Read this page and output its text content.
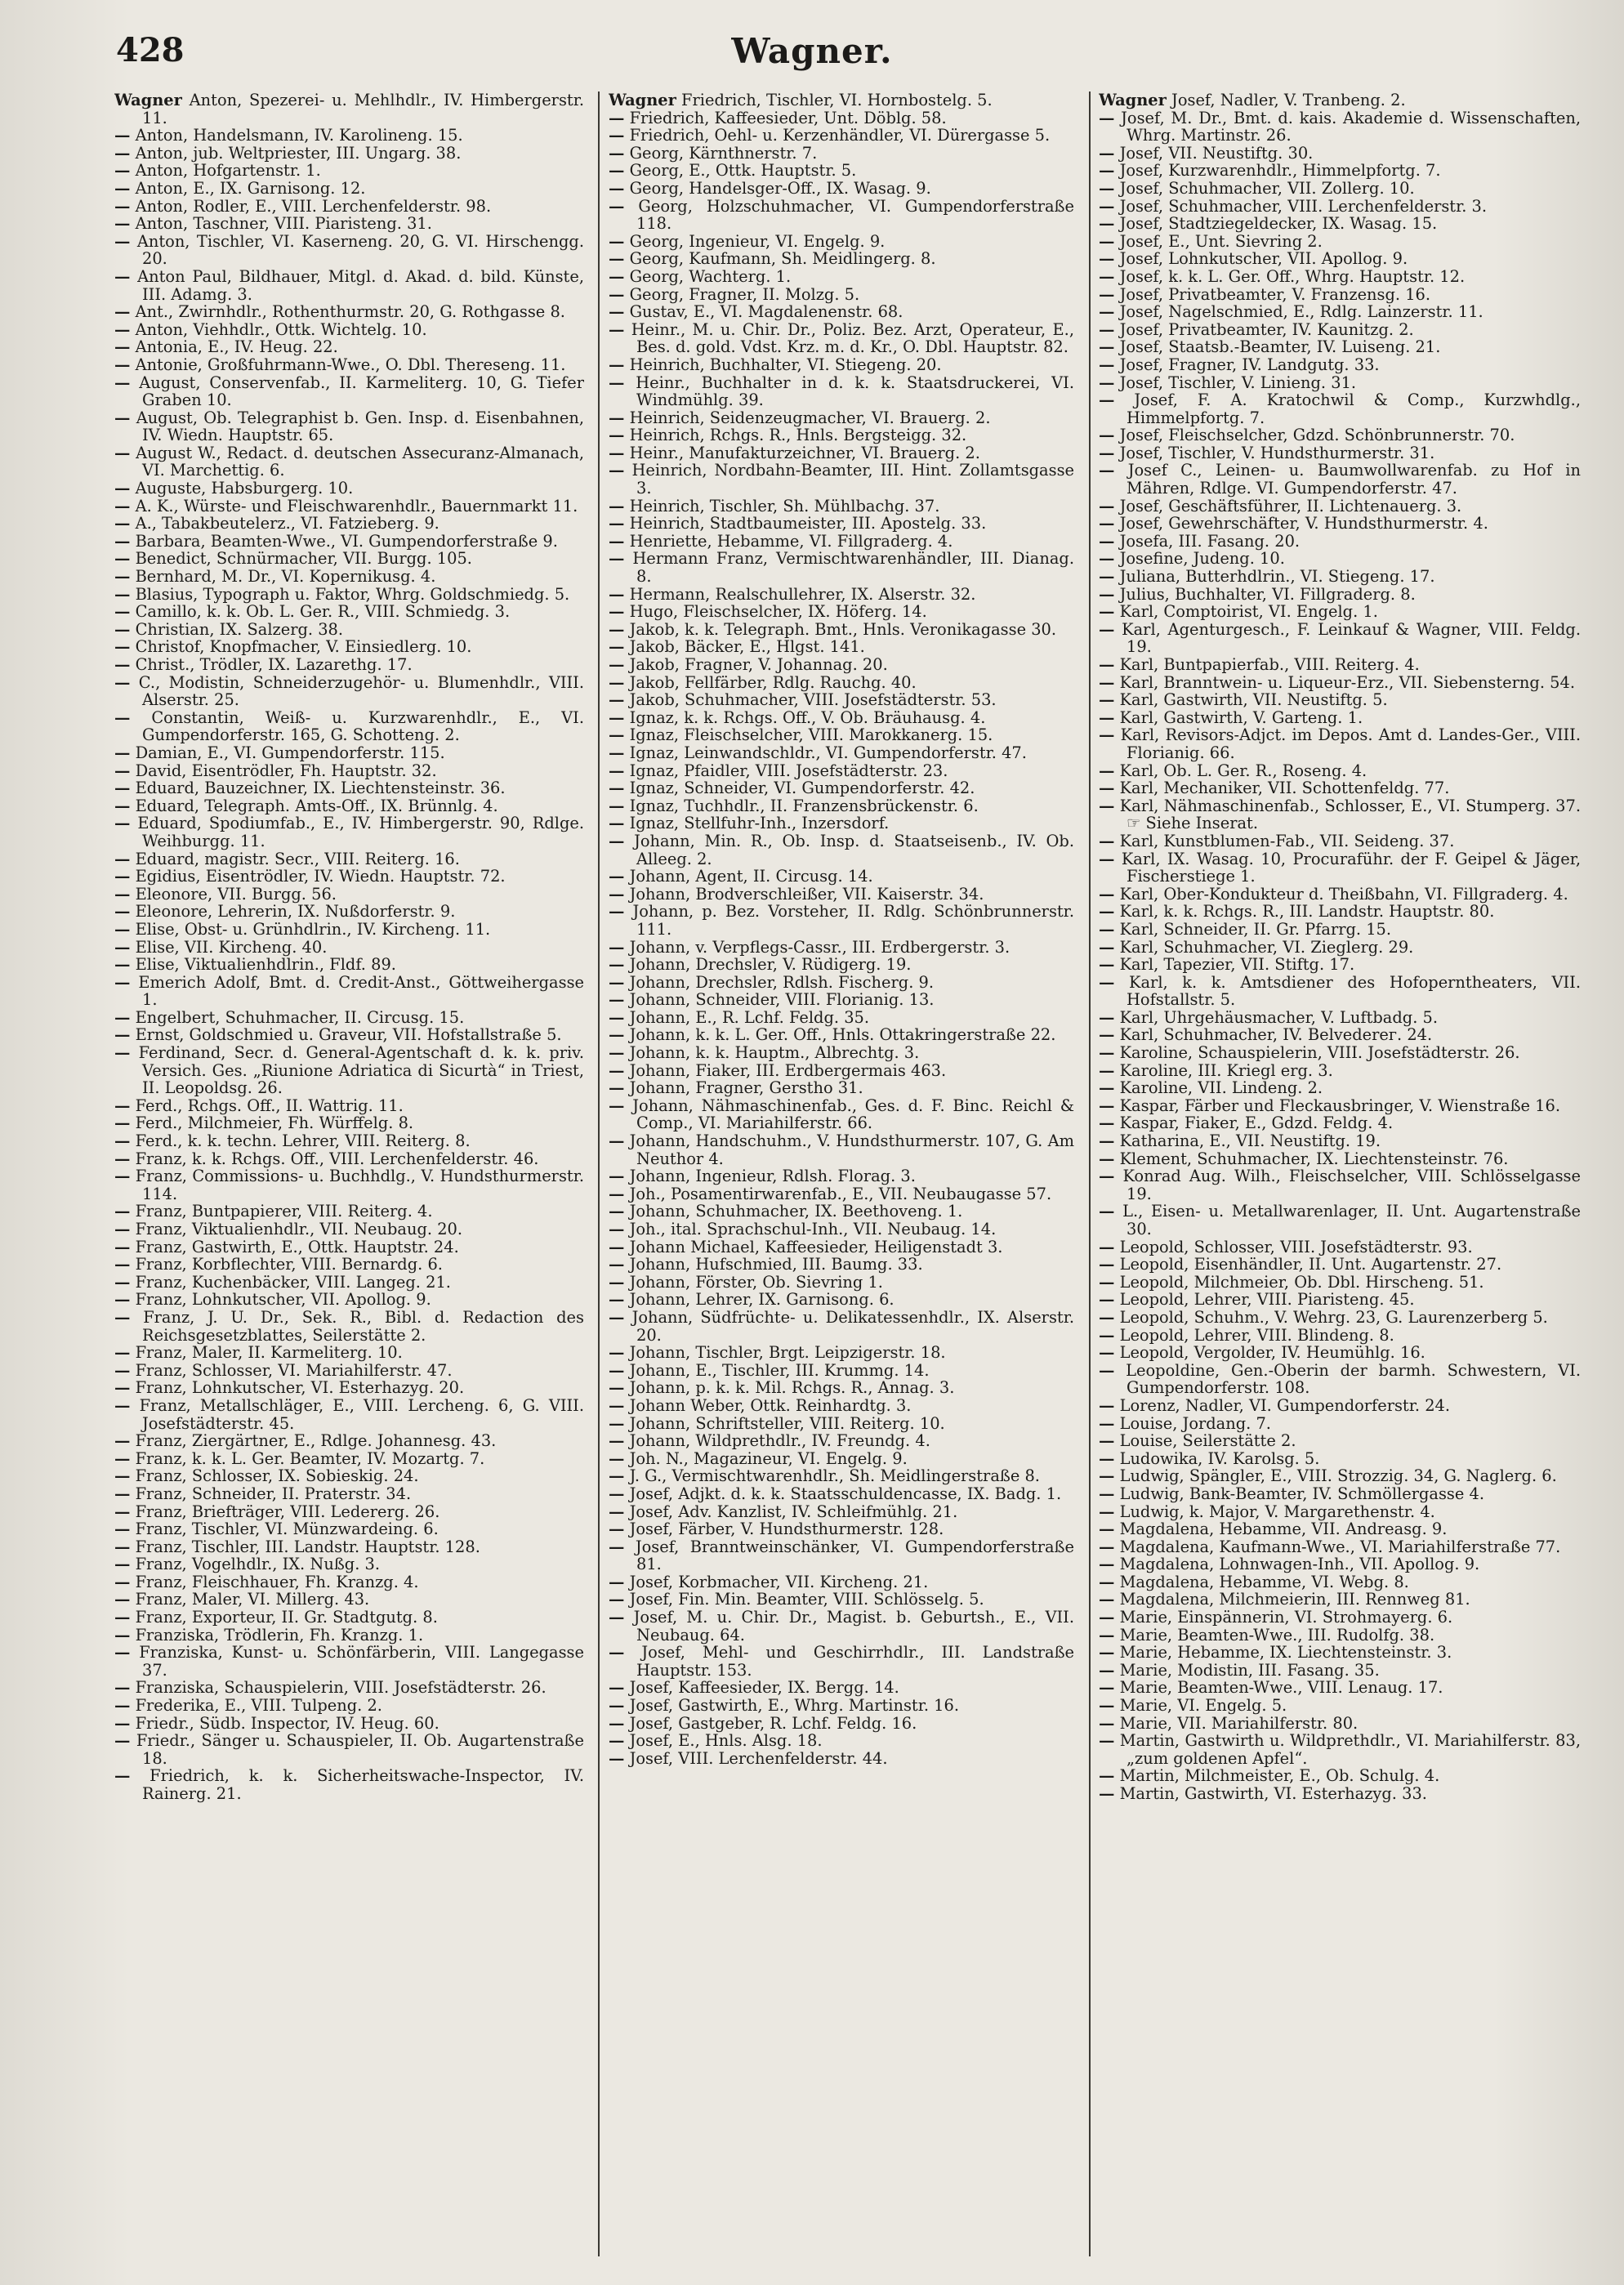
428	Wagner.

Wagner Anton, Spezerei- u. Mehlhdlr., IV. Himbergerstr. 11.

— Anton, Handelsmann, IV. Karolineng. 15.

— Anton, jub. Weltpriester, III. Ungarg. 38.

— Anton, Hofgartenstr. 1.

— Anton, E., IX. Garnisong. 12.

— Anton, Rodler, E., VIII. Lerchenfelderstr. 98.

— Anton, Taschner, VIII. Piaristeng. 31.

— Anton, Tischler, VI. Kaserneng. 20, G. VI. Hirschengg. 20.

— Anton Paul, Bildhauer, Mitgl. d. Akad. d. bild. Künste, III. Adamg. 3.

— Ant., Zwirnhdlr., Rothenthurmstr. 20, G. Rothgasse 8.

— Anton, Viehhdlr., Ottk. Wichtelg. 10.

— Antonia, E., IV. Heug. 22.

— Antonie, Großfuhrmann-Wwe., O. Dbl. Thereseng. 11.

— August, Conservenfab., II. Karmeliterg. 10, G. Tiefer Graben 10.

— August, Ob. Telegraphist b. Gen. Insp. d. Eisenbahnen, IV. Wiedn. Hauptstr. 65.

— August W., Redact. d. deutschen Assecuranz-Almanach, VI. Marchettig. 6.

— Auguste, Habsburgerg. 10.

— A. K., Würste- und Fleischwarenhdlr., Bauernmarkt 11.

— A., Tabakbeutelerz., VI. Fatzieberg. 9.

— Barbara, Beamten-Wwe., VI. Gumpendorferstraße 9.

— Benedict, Schnürmacher, VII. Burgg. 105.

— Bernhard, M. Dr., VI. Kopernikusg. 4.

— Blasius, Typograph u. Faktor, Whrg. Goldschmiedg. 5.

— Camillo, k. k. Ob. L. Ger. R., VIII. Schmiedg. 3.

— Christian, IX. Salzerg. 38.

— Christof, Knopfmacher, V. Einsiedlerg. 10.

— Christ., Trödler, IX. Lazarethg. 17.

— C., Modistin, Schneiderzugehör- u. Blumenhdlr., VIII. Alserstr. 25.

— Constantin, Weiß- u. Kurzwarenhdlr., E., VI. Gumpendorferstr. 165, G. Schotteng. 2.

— Damian, E., VI. Gumpendorferstr. 115.

— David, Eisentrödler, Fh. Hauptstr. 32.

— Eduard, Bauzeichner, IX. Liechtensteinstr. 36.

— Eduard, Telegraph. Amts-Off., IX. Brünnlg. 4.

— Eduard, Spodiumfab., E., IV. Himbergerstr. 90, Rdlge. Weihburgg. 11.

— Eduard, magistr. Secr., VIII. Reiterg. 16.

— Egidius, Eisentrödler, IV. Wiedn. Hauptstr. 72.

— Eleonore, VII. Burgg. 56.

— Eleonore, Lehrerin, IX. Nußdorferstr. 9.

— Elise, Obst- u. Grünhdlrin., IV. Kircheng. 11.

— Elise, VII. Kircheng. 40.

— Elise, Viktualienhdlrin., Fldf. 89.

— Emerich Adolf, Bmt. d. Credit-Anst., Göttweihergasse 1.

— Engelbert, Schuhmacher, II. Circusg. 15.

— Ernst, Goldschmied u. Graveur, VII. Hofstallstraße 5.

— Ferdinand, Secr. d. General-Agentschaft d. k. k. priv. Versich. Ges. „Riunione Adriatica di Sicurtà“ in Triest, II. Leopoldsg. 26.

— Ferd., Rchgs. Off., II. Wattrig. 11.

— Ferd., Milchmeier, Fh. Würffelg. 8.

— Ferd., k. k. techn. Lehrer, VIII. Reiterg. 8.

— Franz, k. k. Rchgs. Off., VIII. Lerchenfelderstr. 46.

— Franz, Commissions- u. Buchhdlg., V. Hundsthurmerstr. 114.

— Franz, Buntpapierer, VIII. Reiterg. 4.

— Franz, Viktualienhdlr., VII. Neubaug. 20.

— Franz, Gastwirth, E., Ottk. Hauptstr. 24.

— Franz, Korbflechter, VIII. Bernardg. 6.

— Franz, Kuchenbäcker, VIII. Langeg. 21.

— Franz, Lohnkutscher, VII. Apollog. 9.

— Franz, J. U. Dr., Sek. R., Bibl. d. Redaction des Reichsgesetzblattes, Seilerstätte 2.

— Franz, Maler, II. Karmeliterg. 10.

— Franz, Schlosser, VI. Mariahilferstr. 47.

— Franz, Lohnkutscher, VI. Esterhazyg. 20.

— Franz, Metallschläger, E., VIII. Lercheng. 6, G. VIII. Josefstädterstr. 45.

— Franz, Ziergärtner, E., Rdlge. Johannesg. 43.

— Franz, k. k. L. Ger. Beamter, IV. Mozartg. 7.

— Franz, Schlosser, IX. Sobieskig. 24.

— Franz, Schneider, II. Praterstr. 34.

— Franz, Briefträger, VIII. Ledererg. 26.

— Franz, Tischler, VI. Münzwardeing. 6.

— Franz, Tischler, III. Landstr. Hauptstr. 128.

— Franz, Vogelhdlr., IX. Nußg. 3.

— Franz, Fleischhauer, Fh. Kranzg. 4.

— Franz, Maler, VI. Millerg. 43.

— Franz, Exporteur, II. Gr. Stadtgutg. 8.

— Franziska, Trödlerin, Fh. Kranzg. 1.

— Franziska, Kunst- u. Schönfärberin, VIII. Langegasse 37.

— Franziska, Schauspielerin, VIII. Josefstädterstr. 26.

— Frederika, E., VIII. Tulpeng. 2.

— Friedr., Südb. Inspector, IV. Heug. 60.

— Friedr., Sänger u. Schauspieler, II. Ob. Augartenstraße 18.

— Friedrich, k. k. Sicherheitswache-Inspector, IV. Rainerg. 21.

Wagner Friedrich, Tischler, VI. Hornbostelg. 5.

— Friedrich, Kaffeesieder, Unt. Döblg. 58.

— Friedrich, Oehl- u. Kerzenhändler, VI. Dürergasse 5.

— Georg, Kärnthnerstr. 7.

— Georg, E., Ottk. Hauptstr. 5.

— Georg, Handelsger-Off., IX. Wasag. 9.

— Georg, Holzschuhmacher, VI. Gumpendorferstraße 118.

— Georg, Ingenieur, VI. Engelg. 9.

— Georg, Kaufmann, Sh. Meidlingerg. 8.

— Georg, Wachterg. 1.

— Georg, Fragner, II. Molzg. 5.

— Gustav, E., VI. Magdalenenstr. 68.

— Heinr., M. u. Chir. Dr., Poliz. Bez. Arzt, Operateur, E., Bes. d. gold. Vdst. Krz. m. d. Kr., O. Dbl. Hauptstr. 82.

— Heinrich, Buchhalter, VI. Stiegeng. 20.

— Heinr., Buchhalter in d. k. k. Staatsdruckerei, VI. Windmühlg. 39.

— Heinrich, Seidenzeugmacher, VI. Brauerg. 2.

— Heinrich, Rchgs. R., Hnls. Bergsteigg. 32.

— Heinr., Manufakturzeichner, VI. Brauerg. 2.

— Heinrich, Nordbahn-Beamter, III. Hint. Zollamtsgasse 3.

— Heinrich, Tischler, Sh. Mühlbachg. 37.

— Heinrich, Stadtbaumeister, III. Apostelg. 33.

— Henriette, Hebamme, VI. Fillgraderg. 4.

— Hermann Franz, Vermischtwarenhändler, III. Dianag. 8.

— Hermann, Realschullehrer, IX. Alserstr. 32.

— Hugo, Fleischselcher, IX. Höferg. 14.

— Jakob, k. k. Telegraph. Bmt., Hnls. Veronikagasse 30.

— Jakob, Bäcker, E., Hlgst. 141.

— Jakob, Fragner, V. Johannag. 20.

— Jakob, Fellfärber, Rdlg. Rauchg. 40.

— Jakob, Schuhmacher, VIII. Josefstädterstr. 53.

— Ignaz, k. k. Rchgs. Off., V. Ob. Bräuhausg. 4.

— Ignaz, Fleischselcher, VIII. Marokkanerg. 15.

— Ignaz, Leinwandschldr., VI. Gumpendorferstr. 47.

— Ignaz, Pfaidler, VIII. Josefstädterstr. 23.

— Ignaz, Schneider, VI. Gumpendorferstr. 42.

— Ignaz, Tuchhdlr., II. Franzensbrückenstr. 6.

— Ignaz, Stellfuhr-Inh., Inzersdorf.

— Johann, Min. R., Ob. Insp. d. Staatseisenb., IV. Ob. Alleeg. 2.

— Johann, Agent, II. Circusg. 14.

— Johann, Brodverschleißer, VII. Kaiserstr. 34.

— Johann, p. Bez. Vorsteher, II. Rdlg. Schönbrunnerstr. 111.

— Johann, v. Verpflegs-Cassr., III. Erdbergerstr. 3.

— Johann, Drechsler, V. Rüdigerg. 19.

— Johann, Drechsler, Rdlsh. Fischerg. 9.

— Johann, Schneider, VIII. Florianig. 13.

— Johann, E., R. Lchf. Feldg. 35.

— Johann, k. k. L. Ger. Off., Hnls. Ottakringerstraße 22.

— Johann, k. k. Hauptm., Albrechtg. 3.

— Johann, Fiaker, III. Erdbergermais 463.

— Johann, Fragner, Gerstho 31.

— Johann, Nähmaschinenfab., Ges. d. F. Binc. Reichl & Comp., VI. Mariahilferstr. 66.

— Johann, Handschuhm., V. Hundsthurmerstr. 107, G. Am Neuthor 4.

— Johann, Ingenieur, Rdlsh. Florag. 3.

— Joh., Posamentirwarenfab., E., VII. Neubaugasse 57.

— Johann, Schuhmacher, IX. Beethoveng. 1.

— Joh., ital. Sprachschul-Inh., VII. Neubaug. 14.

— Johann Michael, Kaffeesieder, Heiligenstadt 3.

— Johann, Hufschmied, III. Baumg. 33.

— Johann, Förster, Ob. Sievring 1.

— Johann, Lehrer, IX. Garnisong. 6.

— Johann, Südfrüchte- u. Delikatessenhdlr., IX. Alserstr. 20.

— Johann, Tischler, Brgt. Leipzigerstr. 18.

— Johann, E., Tischler, III. Krummg. 14.

— Johann, p. k. k. Mil. Rchgs. R., Annag. 3.

— Johann Weber, Ottk. Reinhardtg. 3.

— Johann, Schriftsteller, VIII. Reiterg. 10.

— Johann, Wildprethdlr., IV. Freundg. 4.

— Joh. N., Magazineur, VI. Engelg. 9.

— J. G., Vermischtwarenhdlr., Sh. Meidlingerstraße 8.

— Josef, Adjkt. d. k. k. Staatsschuldencasse, IX. Badg. 1.

— Josef, Adv. Kanzlist, IV. Schleifmühlg. 21.

— Josef, Färber, V. Hundsthurmerstr. 128.

— Josef, Branntweinschänker, VI. Gumpendorferstraße 81.

— Josef, Korbmacher, VII. Kircheng. 21.

— Josef, Fin. Min. Beamter, VIII. Schlösselg. 5.

— Josef, M. u. Chir. Dr., Magist. b. Geburtsh., E., VII. Neubaug. 64.

— Josef, Mehl- und Geschirrhdlr., III. Landstraße Hauptstr. 153.

— Josef, Kaffeesieder, IX. Bergg. 14.

— Josef, Gastwirth, E., Whrg. Martinstr. 16.

— Josef, Gastgeber, R. Lchf. Feldg. 16.

— Josef, E., Hnls. Alsg. 18.

— Josef, VIII. Lerchenfelderstr. 44.

Wagner Josef, Nadler, V. Tranbeng. 2.

— Josef, M. Dr., Bmt. d. kais. Akademie d. Wissenschaften, Whrg. Martinstr. 26.

— Josef, VII. Neustiftg. 30.

— Josef, Kurzwarenhdlr., Himmelpfortg. 7.

— Josef, Schuhmacher, VII. Zollerg. 10.

— Josef, Schuhmacher, VIII. Lerchenfelderstr. 3.

— Josef, Stadtziegeldecker, IX. Wasag. 15.

— Josef, E., Unt. Sievring 2.

— Josef, Lohnkutscher, VII. Apollog. 9.

— Josef, k. k. L. Ger. Off., Whrg. Hauptstr. 12.

— Josef, Privatbeamter, V. Franzensg. 16.

— Josef, Nagelschmied, E., Rdlg. Lainzerstr. 11.

— Josef, Privatbeamter, IV. Kaunitzg. 2.

— Josef, Staatsb.-Beamter, IV. Luiseng. 21.

— Josef, Fragner, IV. Landgutg. 33.

— Josef, Tischler, V. Linieng. 31.

— Josef, F. A. Kratochwil & Comp., Kurzwhdlg., Himmelpfortg. 7.

— Josef, Fleischselcher, Gdzd. Schönbrunnerstr. 70.

— Josef, Tischler, V. Hundsthurmerstr. 31.

— Josef C., Leinen- u. Baumwollwarenfab. zu Hof in Mähren, Rdlge. VI. Gumpendorferstr. 47.

— Josef, Geschäftsführer, II. Lichtenauerg. 3.

— Josef, Gewehrschäfter, V. Hundsthurmerstr. 4.

— Josefa, III. Fasang. 20.

— Josefine, Judeng. 10.

— Juliana, Butterhdlrin., VI. Stiegeng. 17.

— Julius, Buchhalter, VI. Fillgraderg. 8.

— Karl, Comptoirist, VI. Engelg. 1.

— Karl, Agenturgesch., F. Leinkauf & Wagner, VIII. Feldg. 19.

— Karl, Buntpapierfab., VIII. Reiterg. 4.

— Karl, Branntwein- u. Liqueur-Erz., VII. Siebensterng. 54.

— Karl, Gastwirth, VII. Neustiftg. 5.

— Karl, Gastwirth, V. Garteng. 1.

— Karl, Revisors-Adjct. im Depos. Amt d. Landes-Ger., VIII. Florianig. 66.

— Karl, Ob. L. Ger. R., Roseng. 4.

— Karl, Mechaniker, VII. Schottenfeldg. 77.

— Karl, Nähmaschinenfab., Schlosser, E., VI. Stumperg. 37. ☞ Siehe Inserat.

— Karl, Kunstblumen-Fab., VII. Seideng. 37.

— Karl, IX. Wasag. 10, Procuraführ. der F. Geipel & Jäger, Fischerstiege 1.

— Karl, Ober-Kondukteur d. Theißbahn, VI. Fillgraderg. 4.

— Karl, k. k. Rchgs. R., III. Landstr. Hauptstr. 80.

— Karl, Schneider, II. Gr. Pfarrg. 15.

— Karl, Schuhmacher, VI. Zieglerg. 29.

— Karl, Tapezier, VII. Stiftg. 17.

— Karl, k. k. Amtsdiener des Hofoperntheaters, VII. Hofstallstr. 5.

— Karl, Uhrgehäusmacher, V. Luftbadg. 5.

— Karl, Schuhmacher, IV. Belvederег. 24.

— Karoline, Schauspielerin, VIII. Josefstädterstr. 26.

— Karoline, III. Kriegl erg. 3.

— Karoline, VII. Lindeng. 2.

— Kaspar, Färber und Fleckausbringer, V. Wienstraße 16.

— Kaspar, Fiaker, E., Gdzd. Feldg. 4.

— Katharina, E., VII. Neustiftg. 19.

— Klement, Schuhmacher, IX. Liechtensteinstr. 76.

— Konrad Aug. Wilh., Fleischselcher, VIII. Schlösselgasse 19.

— L., Eisen- u. Metallwarenlager, II. Unt. Augartenstraße 30.

— Leopold, Schlosser, VIII. Josefstädterstr. 93.

— Leopold, Eisenhändler, II. Unt. Augartenstr. 27.

— Leopold, Milchmeier, Ob. Dbl. Hirscheng. 51.

— Leopold, Lehrer, VIII. Piaristeng. 45.

— Leopold, Schuhm., V. Wehrg. 23, G. Laurenzerberg 5.

— Leopold, Lehrer, VIII. Blindeng. 8.

— Leopold, Vergolder, IV. Heumühlg. 16.

— Leopoldine, Gen.-Oberin der barmh. Schwestern, VI. Gumpendorferstr. 108.

— Lorenz, Nadler, VI. Gumpendorferstr. 24.

— Louise, Jordang. 7.

— Louise, Seilerstätte 2.

— Ludowika, IV. Karolsg. 5.

— Ludwig, Spängler, E., VIII. Strozzig. 34, G. Naglerg. 6.

— Ludwig, Bank-Beamter, IV. Schmöllergasse 4.

— Ludwig, k. Major, V. Margarethenstr. 4.

— Magdalena, Hebamme, VII. Andreasg. 9.

— Magdalena, Kaufmann-Wwe., VI. Mariahilferstraße 77.

— Magdalena, Lohnwagen-Inh., VII. Apollog. 9.

— Magdalena, Hebamme, VI. Webg. 8.

— Magdalena, Milchmeierin, III. Rennweg 81.

— Marie, Einspännerin, VI. Strohmayerg. 6.

— Marie, Beamten-Wwe., III. Rudolfg. 38.

— Marie, Hebamme, IX. Liechtensteinstr. 3.

— Marie, Modistin, III. Fasang. 35.

— Marie, Beamten-Wwe., VIII. Lenaug. 17.

— Marie, VI. Engelg. 5.

— Marie, VII. Mariahilferstr. 80.

— Martin, Gastwirth u. Wildprethdlr., VI. Mariahilferstr. 83, „zum goldenen Apfel“.

— Martin, Milchmeister, E., Ob. Schulg. 4.

— Martin, Gastwirth, VI. Esterhazyg. 33.
